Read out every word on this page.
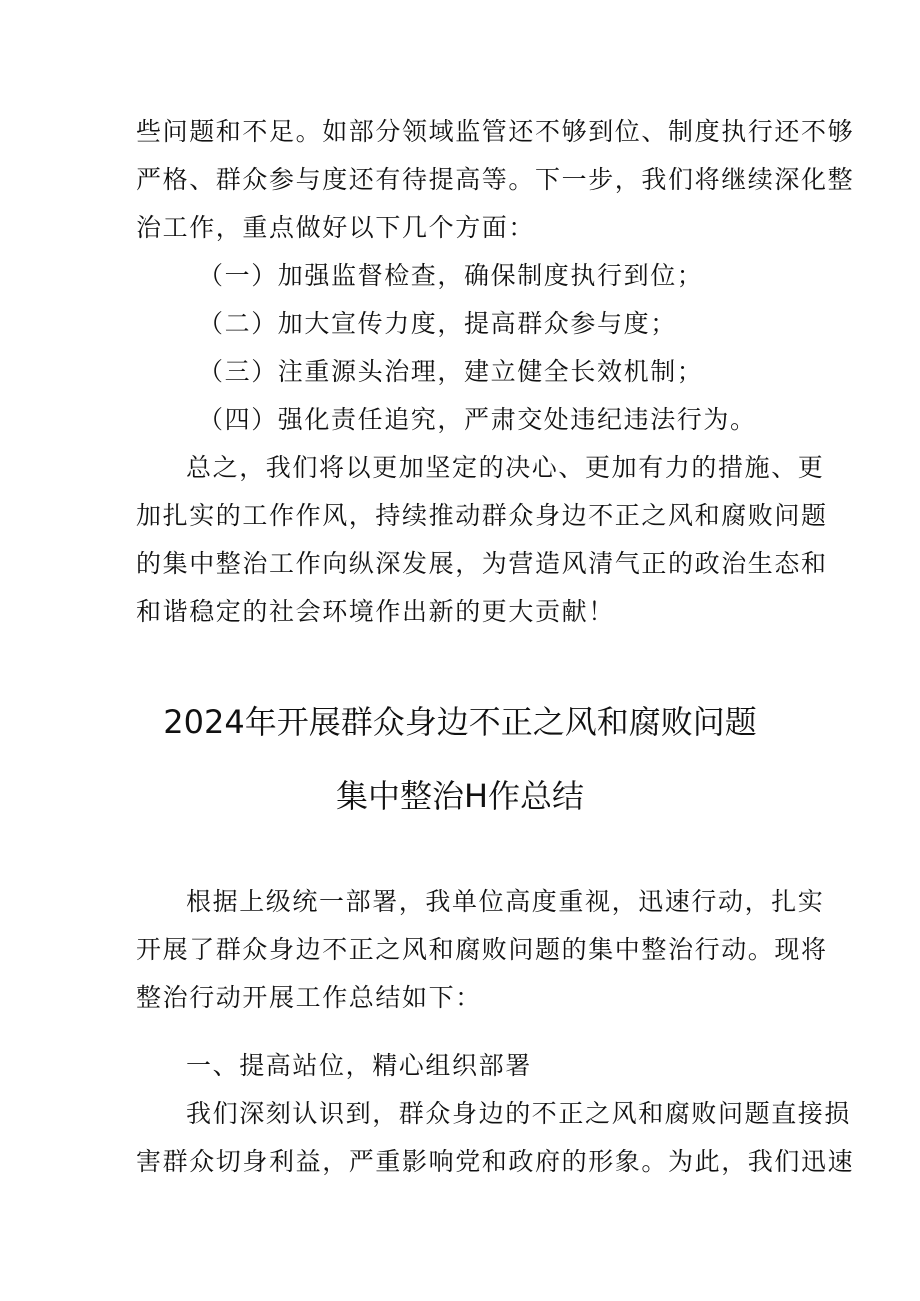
些问题和不足。如部分领域监管还不够到位、制度执行还不够
严格、群众参与度还有待提高等。下一步，我们将继续深化整
治工作，重点做好以下几个方面：
（一）加强监督检查，确保制度执行到位；
（二）加大宣传力度，提高群众参与度；
（三）注重源头治理，建立健全长效机制；
（四）强化责任追究，严肃交处违纪违法行为。
总之，我们将以更加坚定的决心、更加有力的措施、更
加扎实的工作作风，持续推动群众身边不正之风和腐败问题
的集中整治工作向纵深发展，为营造风清气正的政治生态和
和谐稳定的社会环境作出新的更大贡献！
2024年开展群众身边不正之风和腐败问题
集中整治H作总结
根据上级统一部署，我单位高度重视，迅速行动，扎实
开展了群众身边不正之风和腐败问题的集中整治行动。现将
整治行动开展工作总结如下：
一、提高站位，精心组织部署
我们深刻认识到，群众身边的不正之风和腐败问题直接损
害群众切身利益，严重影响党和政府的形象。为此，我们迅速
